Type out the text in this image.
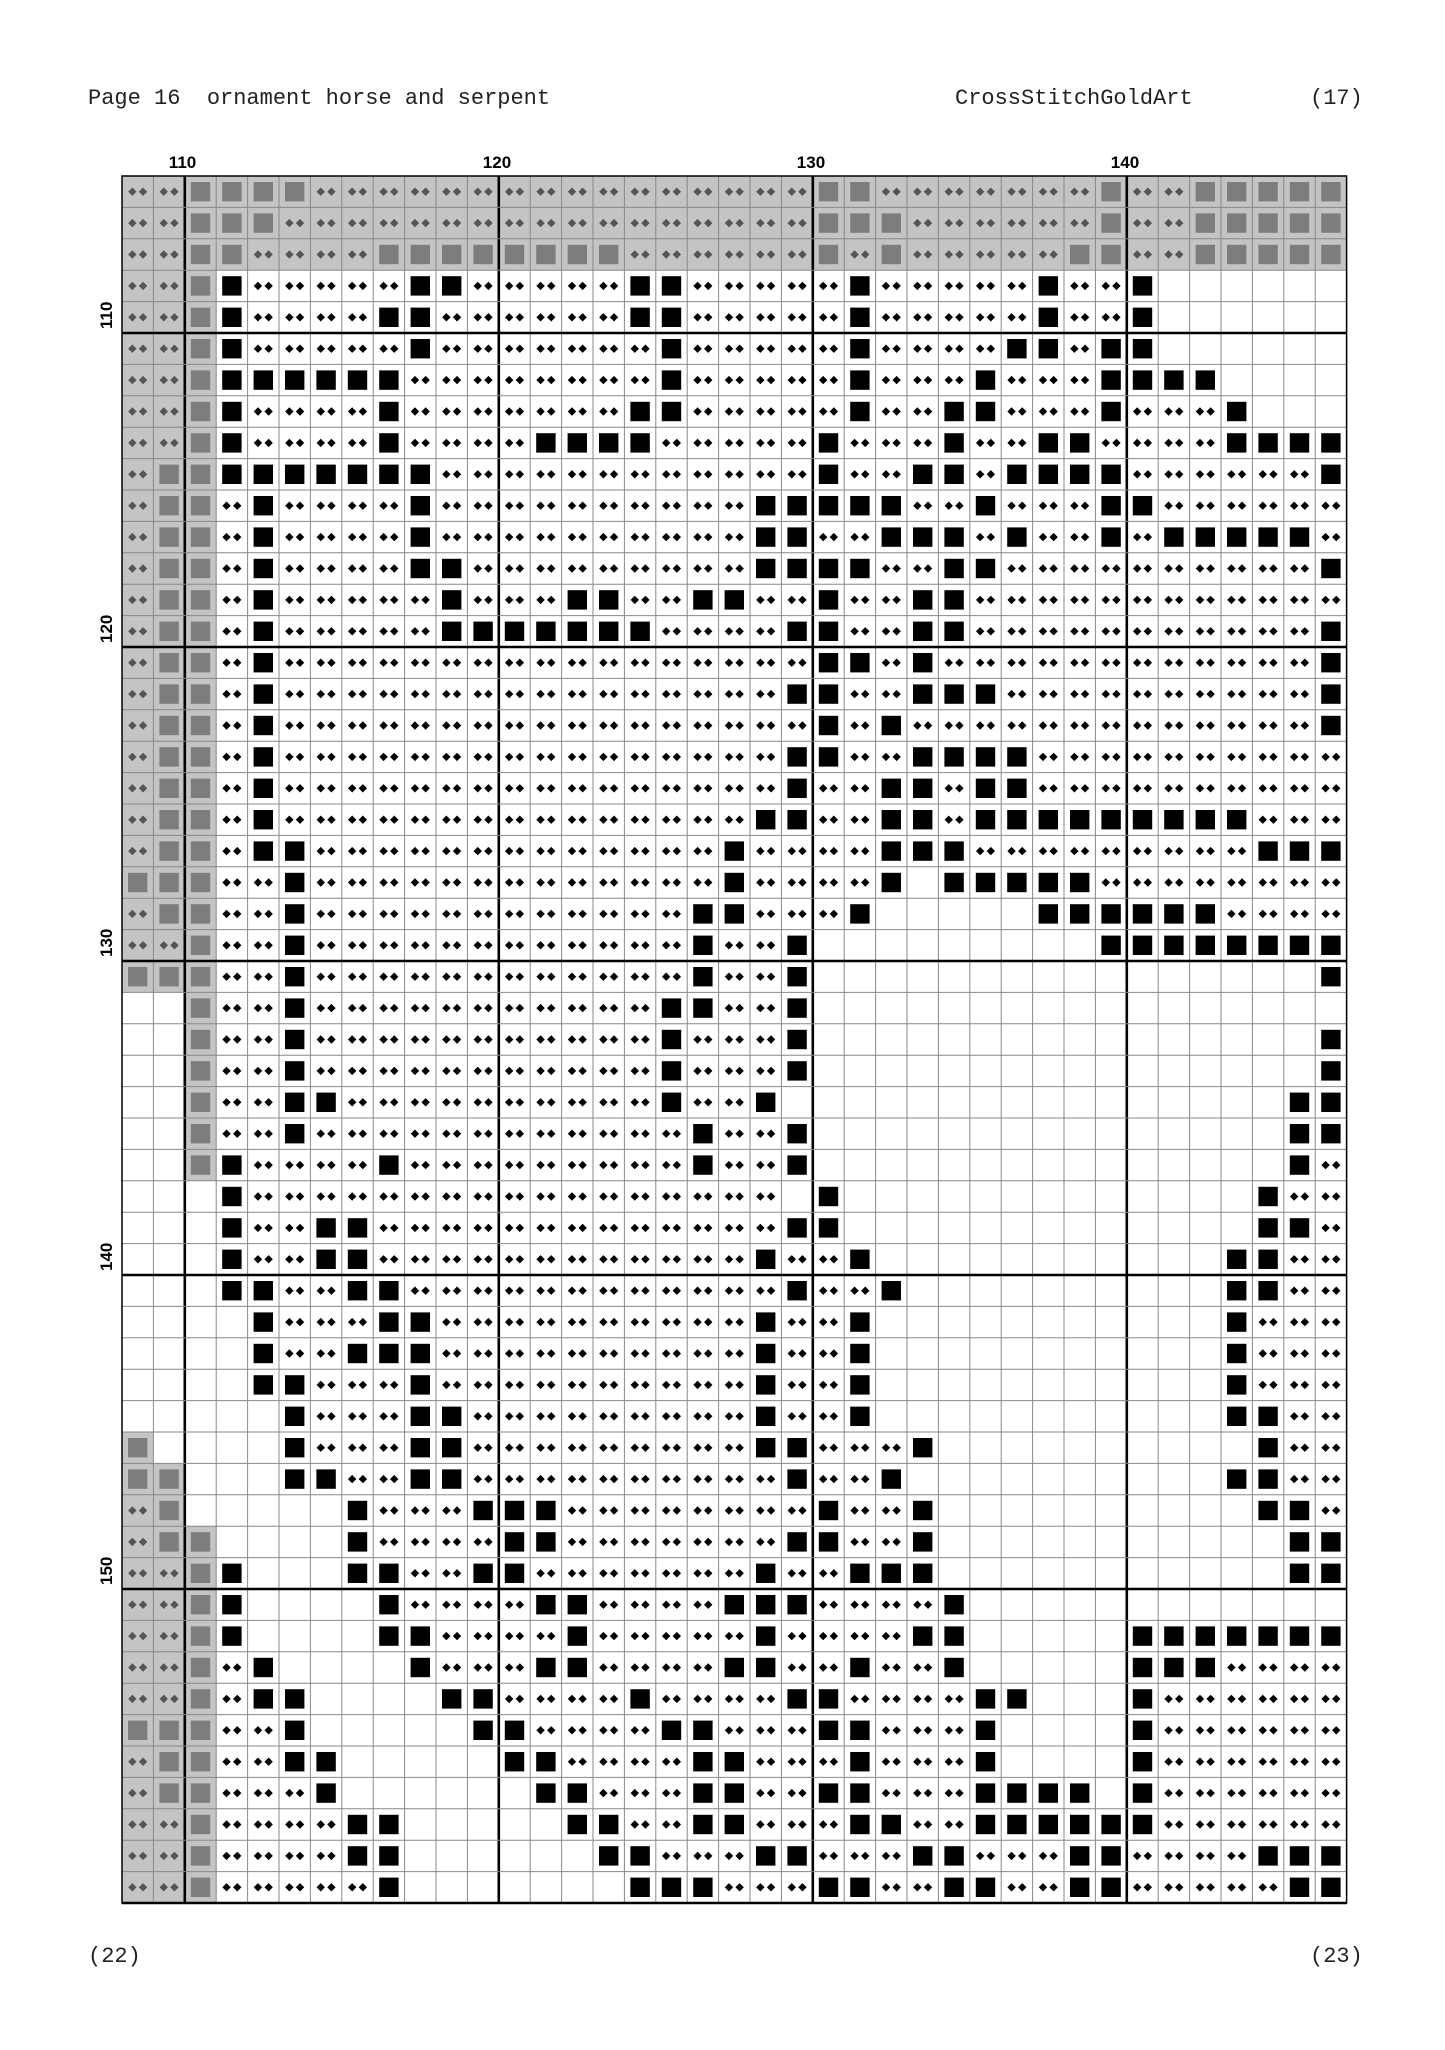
Page 16  ornament horse and serpent	CrossStitchGoldArt	(17)
110	120	130	140
110
120
130
140
150
(22)	(23)
